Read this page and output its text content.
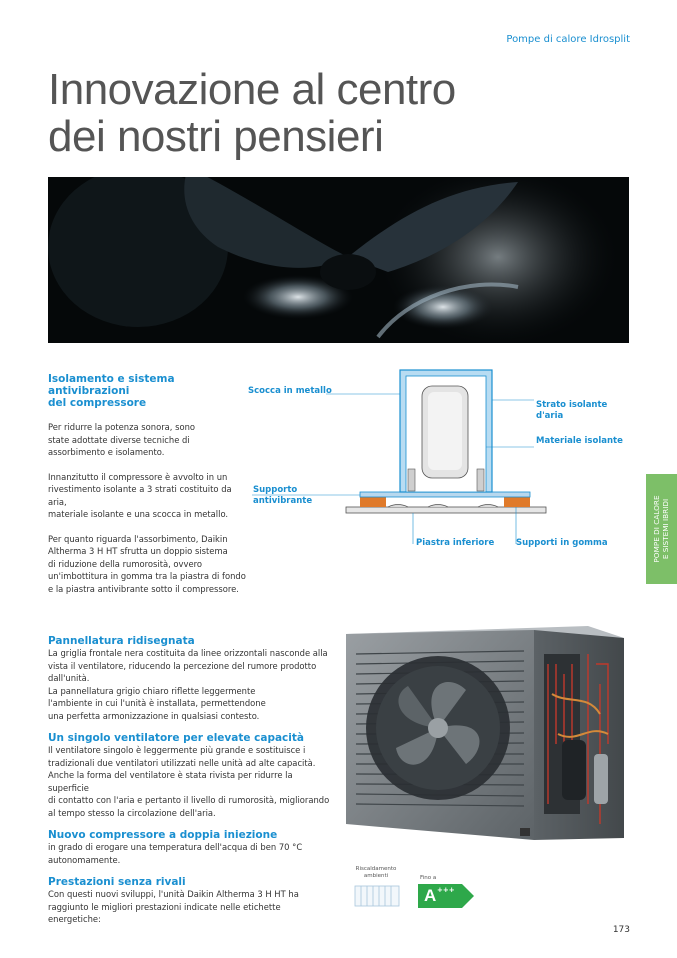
Pompe di calore Idrosplit
Innovazione al centro
dei nostri pensieri

Isolamento e sistema antivibrazioni
del compressore

Per ridurre la potenza sonora, sono
state adottate diverse tecniche di
assorbimento e isolamento.

Innanzitutto il compressore è avvolto in un
rivestimento isolante a 3 strati costituito da aria,
materiale isolante e una scocca in metallo.

Per quanto riguarda l'assorbimento, Daikin
Altherma 3 H HT sfrutta un doppio sistema
di riduzione della rumorosità, ovvero
un'imbottitura in gomma tra la piastra di fondo
e la piastra antivibrante sotto il compressore.

Scocca in metallo
Strato isolante d'aria
Materiale isolante
Supporto
antivibrante
Piastra inferiore	Supporti in gomma	POMPE DI CALORE E SISTEMI IBRIDI

Pannellatura ridisegnata

La griglia frontale nera costituita da linee orizzontali nasconde alla
vista il ventilatore, riducendo la percezione del rumore prodotto
dall'unità.
La pannellatura grigio chiaro riflette leggermente
l'ambiente in cui l'unità è installata, permettendone
una perfetta armonizzazione in qualsiasi contesto.

Un singolo ventilatore per elevate capacità

Il ventilatore singolo è leggermente più grande e sostituisce i
tradizionali due ventilatori utilizzati nelle unità ad alte capacità.
Anche la forma del ventilatore è stata rivista per ridurre la superficie
di contatto con l'aria e pertanto il livello di rumorosità, migliorando
al tempo stesso la circolazione dell'aria.

Nuovo compressore a doppia iniezione

in grado di erogare una temperatura dell'acqua di ben 70 °C
autonomamente.

Prestazioni senza rivali

Con questi nuovi sviluppi, l'unità Daikin Altherma 3 H HT ha
raggiunto le migliori prestazioni indicate nelle etichette energetiche:

Riscaldamento
ambienti	Fino a
A +++
173
